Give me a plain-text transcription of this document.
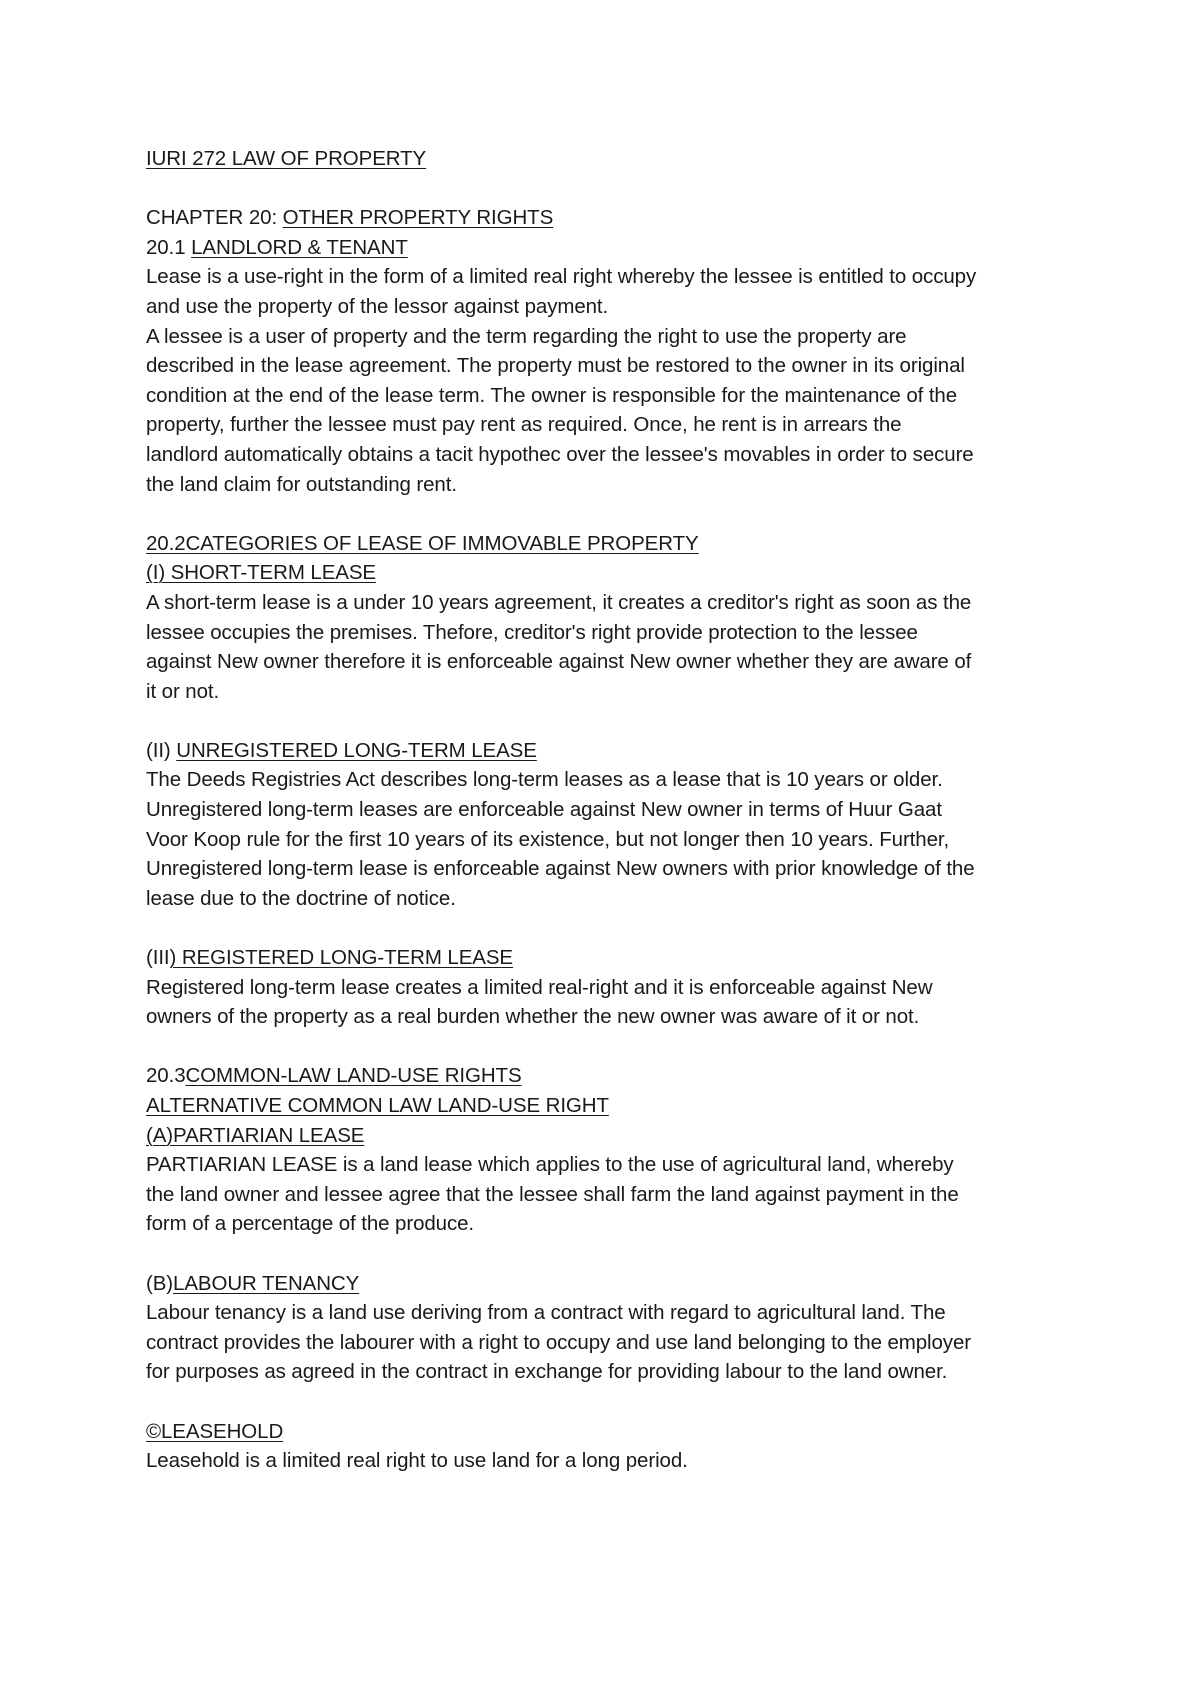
IURI 272 LAW OF PROPERTY
CHAPTER 20: OTHER PROPERTY RIGHTS
20.1 LANDLORD & TENANT
Lease is a use-right in the form of a limited real right whereby the lessee is entitled to occupy
and use the property of the lessor against payment.
A lessee is a user of property and the term regarding the right to use the property are
described in the lease agreement. The property must be restored to the owner in its original
condition at the end of the lease term. The owner is responsible for the maintenance of the
property, further the lessee must pay rent as required. Once, he rent is in arrears the
landlord automatically obtains a tacit hypothec over the lessee's movables in order to secure
the land claim for outstanding rent.
20.2CATEGORIES OF LEASE OF IMMOVABLE PROPERTY
(I) SHORT-TERM LEASE
A short-term lease is a under 10 years agreement, it creates a creditor's right as soon as the
lessee occupies the premises. Thefore, creditor's right provide protection to the lessee
against New owner therefore it is enforceable against New owner whether they are aware of
it or not.
(II) UNREGISTERED LONG-TERM LEASE
The Deeds Registries Act describes long-term leases as a lease that is 10 years or older.
Unregistered long-term leases are enforceable against New owner in terms of Huur Gaat
Voor Koop rule for the first 10 years of its existence, but not longer then 10 years. Further,
Unregistered long-term lease is enforceable against New owners with prior knowledge of the
lease due to the doctrine of notice.
(III) REGISTERED LONG-TERM LEASE
Registered long-term lease creates a limited real-right and it is enforceable against New
owners of the property as a real burden whether the new owner was aware of it or not.
20.3COMMON-LAW LAND-USE RIGHTS
ALTERNATIVE COMMON LAW LAND-USE RIGHT
(A)PARTIARIAN LEASE
PARTIARIAN LEASE is a land lease which applies to the use of agricultural land, whereby
the land owner and lessee agree that the lessee shall farm the land against payment in the
form of a percentage of the produce.
(B)LABOUR TENANCY
Labour tenancy is a land use deriving from a contract with regard to agricultural land. The
contract provides the labourer with a right to occupy and use land belonging to the employer
for purposes as agreed in the contract in exchange for providing labour to the land owner.
©LEASEHOLD
Leasehold is a limited real right to use land for a long period.
